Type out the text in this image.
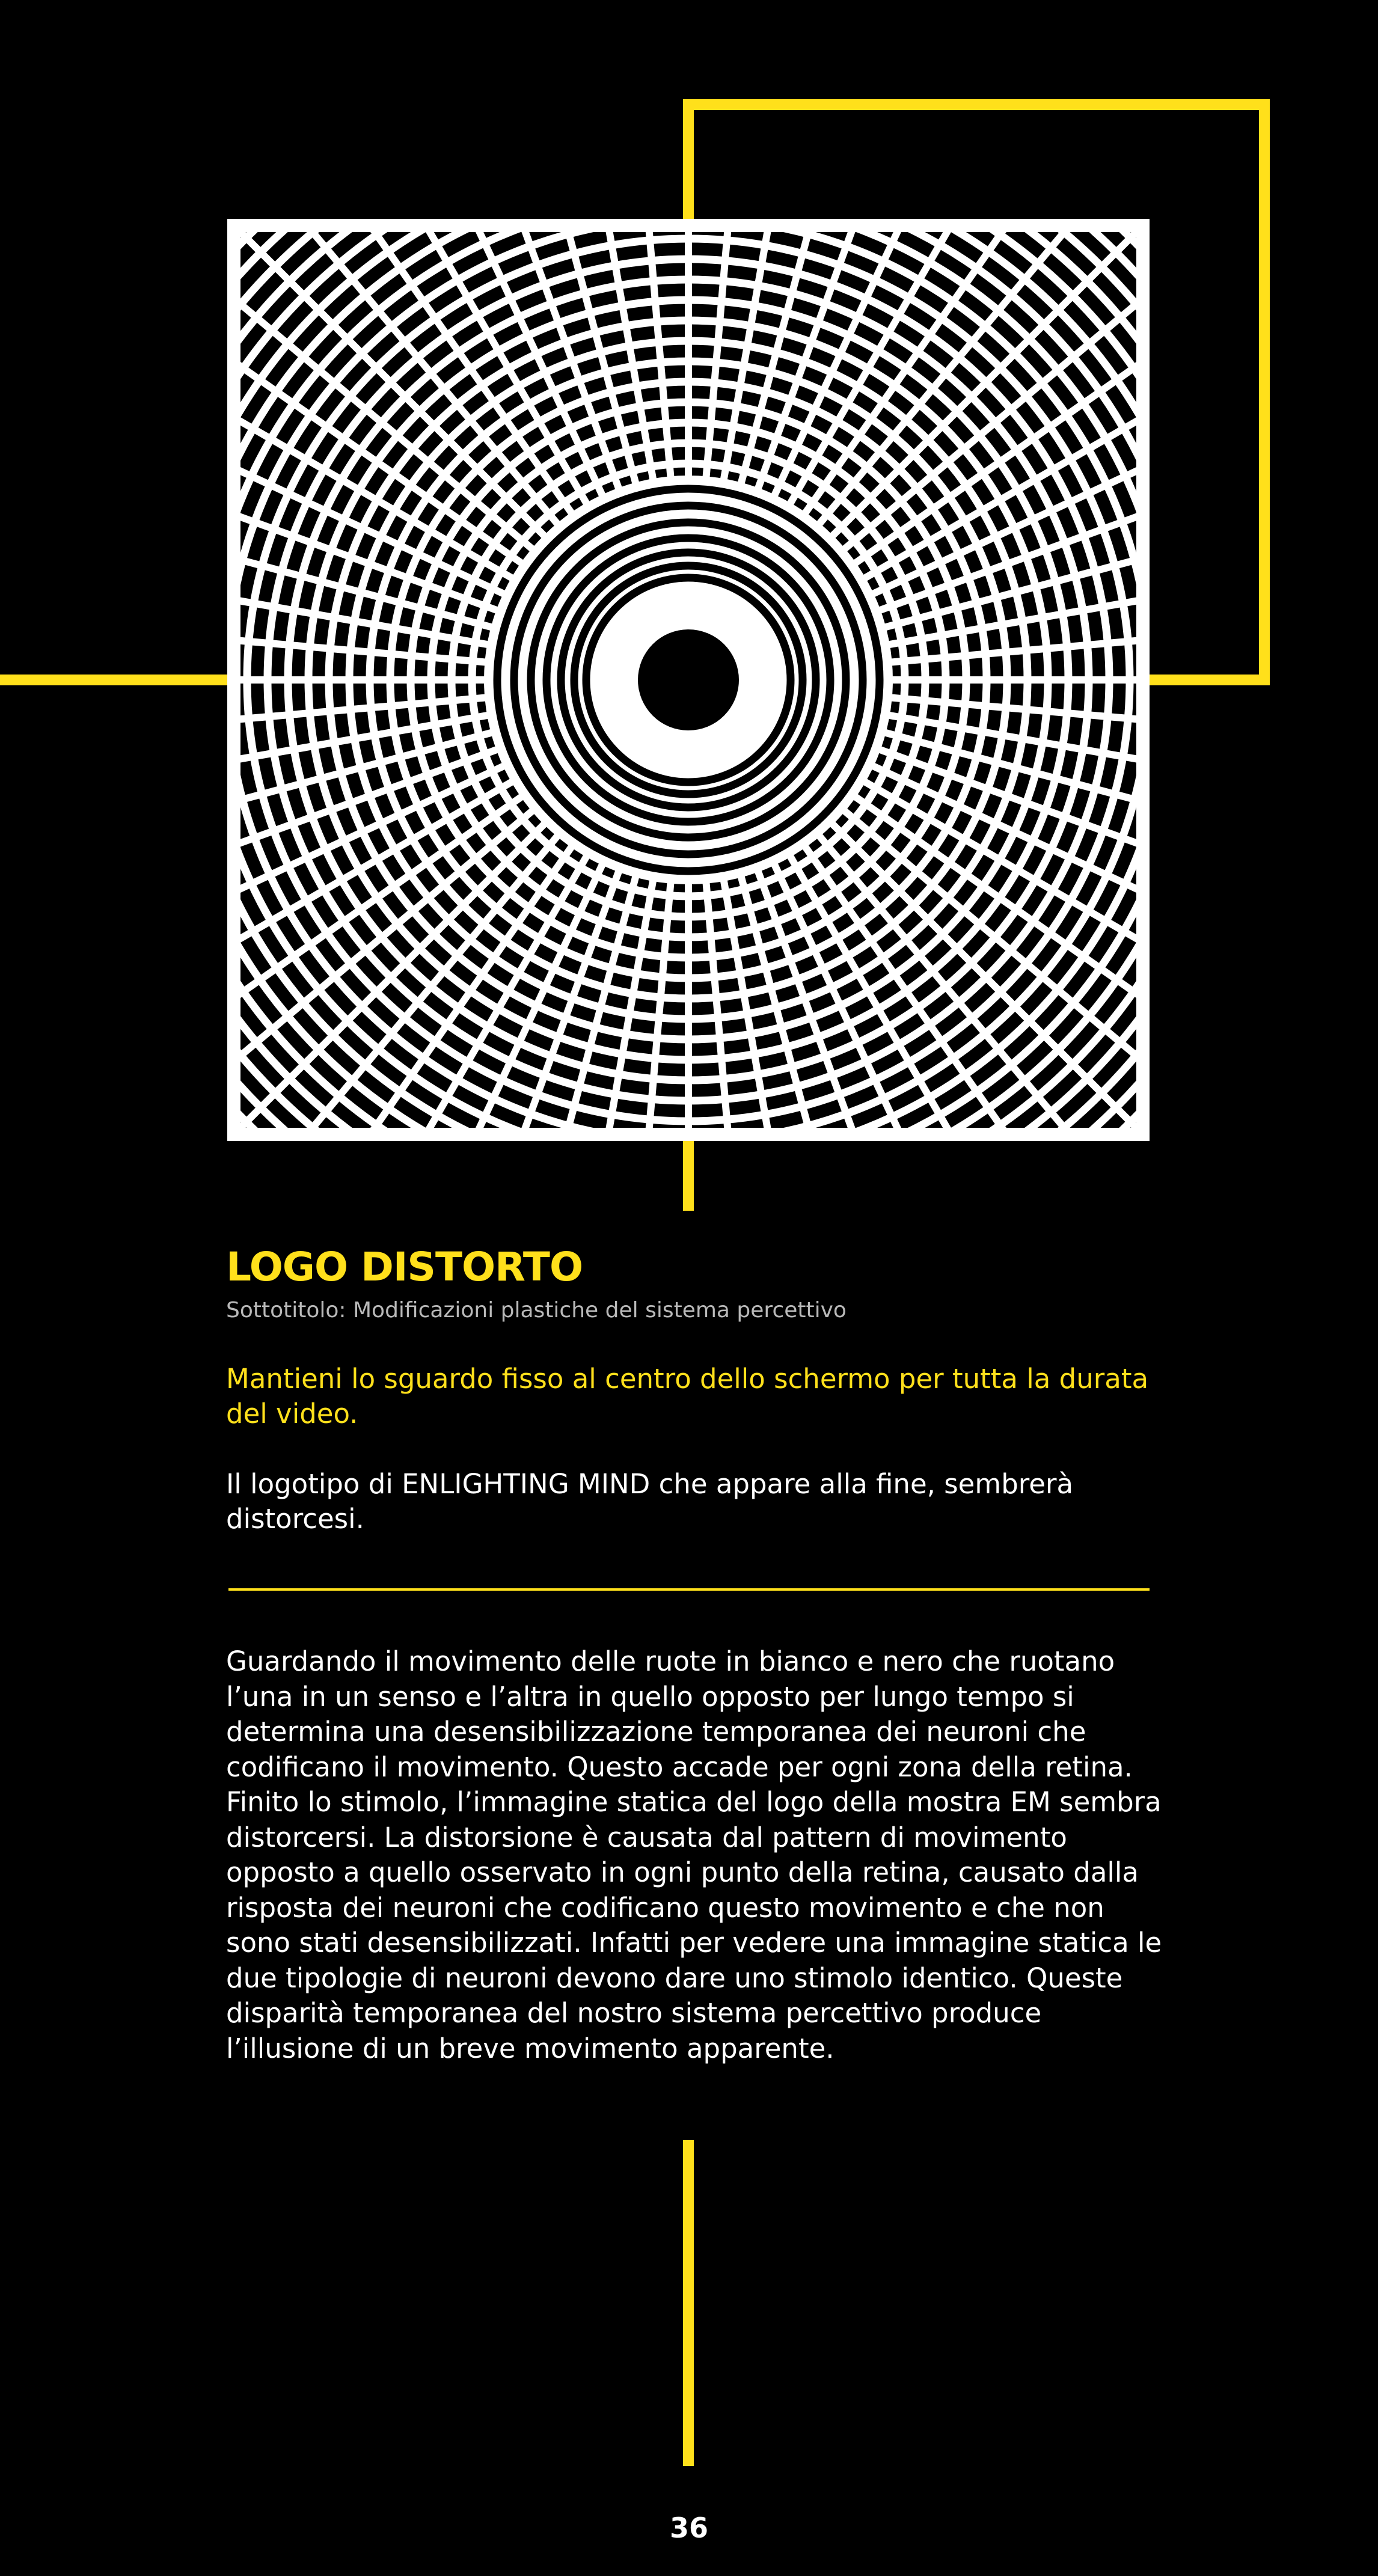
LOGO DISTORTO
Sottotitolo: Modificazioni plastiche del sistema percettivo
Mantieni lo sguardo fisso al centro dello schermo per tutta la durata del video.
Il logotipo di ENLIGHTING MIND che appare alla fine, sembrerà distorcesi.
Guardando il movimento delle ruote in bianco e nero che ruotano l’una in un senso e l’altra in quello opposto per lungo tempo si determina una desensibilizzazione temporanea dei neuroni che codificano il movimento. Questo accade per ogni zona della retina.
Finito lo stimolo, l’immagine statica del logo della mostra EM sembra distorcersi. La distorsione è causata dal pattern di movimento opposto a quello osservato in ogni punto della retina, causato dalla risposta dei neuroni che codificano questo movimento e che non sono stati desensibilizzati. Infatti per vedere una immagine statica le due tipologie di neuroni devono dare uno stimolo identico. Queste disparità temporanea del nostro sistema percettivo produce l’illusione di un breve movimento apparente.
36
